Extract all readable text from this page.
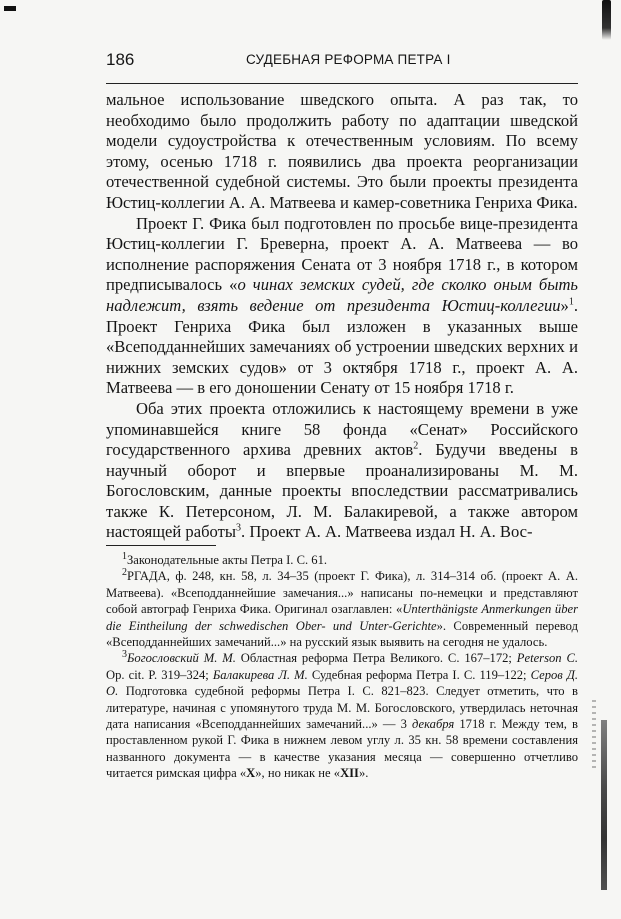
186	СУДЕБНАЯ РЕФОРМА ПЕТРА I

мальное использование шведского опыта. А раз так, то необходимо было продолжить работу по адаптации шведской модели судоустройства к отечественным условиям. По всему этому, осенью 1718 г. появились два проекта реорганизации отечественной судебной системы. Это были проекты президента Юстиц-коллегии А. А. Матвеева и камер-советника Генриха Фика.

Проект Г. Фика был подготовлен по просьбе вице-президента Юстиц-коллегии Г. Бреверна, проект А. А. Матвеева — во исполнение распоряжения Сената от 3 ноября 1718 г., в котором предписывалось «о чинах земских судей, где сколко оным быть надлежит, взять ведение от президента Юстиц-коллегии»$^1$. Проект Генриха Фика был изложен в указанных выше «Всеподданнейших замечаниях об устроении шведских верхних и нижних земских судов» от 3 октября 1718 г., проект А. А. Матвеева — в его доношении Сенату от 15 ноября 1718 г.

Оба этих проекта отложились к настоящему времени в уже упоминавшейся книге 58 фонда «Сенат» Российского государственного архива древних актов$^2$. Будучи введены в научный оборот и впервые проанализированы М. М. Богословским, данные проекты впоследствии рассматривались также К. Петерсоном, Л. М. Балакиревой, а также автором настоящей работы$^3$. Проект А. А. Матвеева издал Н. А. Вос-

$^1$Законодательные акты Петра I. С. 61.

$^2$РГАДА, ф. 248, кн. 58, л. 34–35 (проект Г. Фика), л. 314–314 об. (проект А. А. Матвеева). «Всеподданнейшие замечания...» написаны по-немецки и представляют собой автограф Генриха Фика. Оригинал озаглавлен: «Unterthänigste Anmerkungen über die Eintheilung der schwedischen Ober- und Unter-Gerichte». Современный перевод «Всеподданнейших замечаний...» на русский язык выявить на сегодня не удалось.

$^3$Богословский М. М. Областная реформа Петра Великого. С. 167–172; Peterson C. Op. cit. P. 319–324; Балакирева Л. М. Судебная реформа Петра I. С. 119–122; Серов Д. О. Подготовка судебной реформы Петра I. С. 821–823. Следует отметить, что в литературе, начиная с упомянутого труда М. М. Богословского, утвердилась неточная дата написания «Всеподданнейших замечаний...» — 3 декабря 1718 г. Между тем, в проставленном рукой Г. Фика в нижнем левом углу л. 35 кн. 58 времени составления названного документа — в качестве указания месяца — совершенно отчетливо читается римская цифра «X», но никак не «XII».
